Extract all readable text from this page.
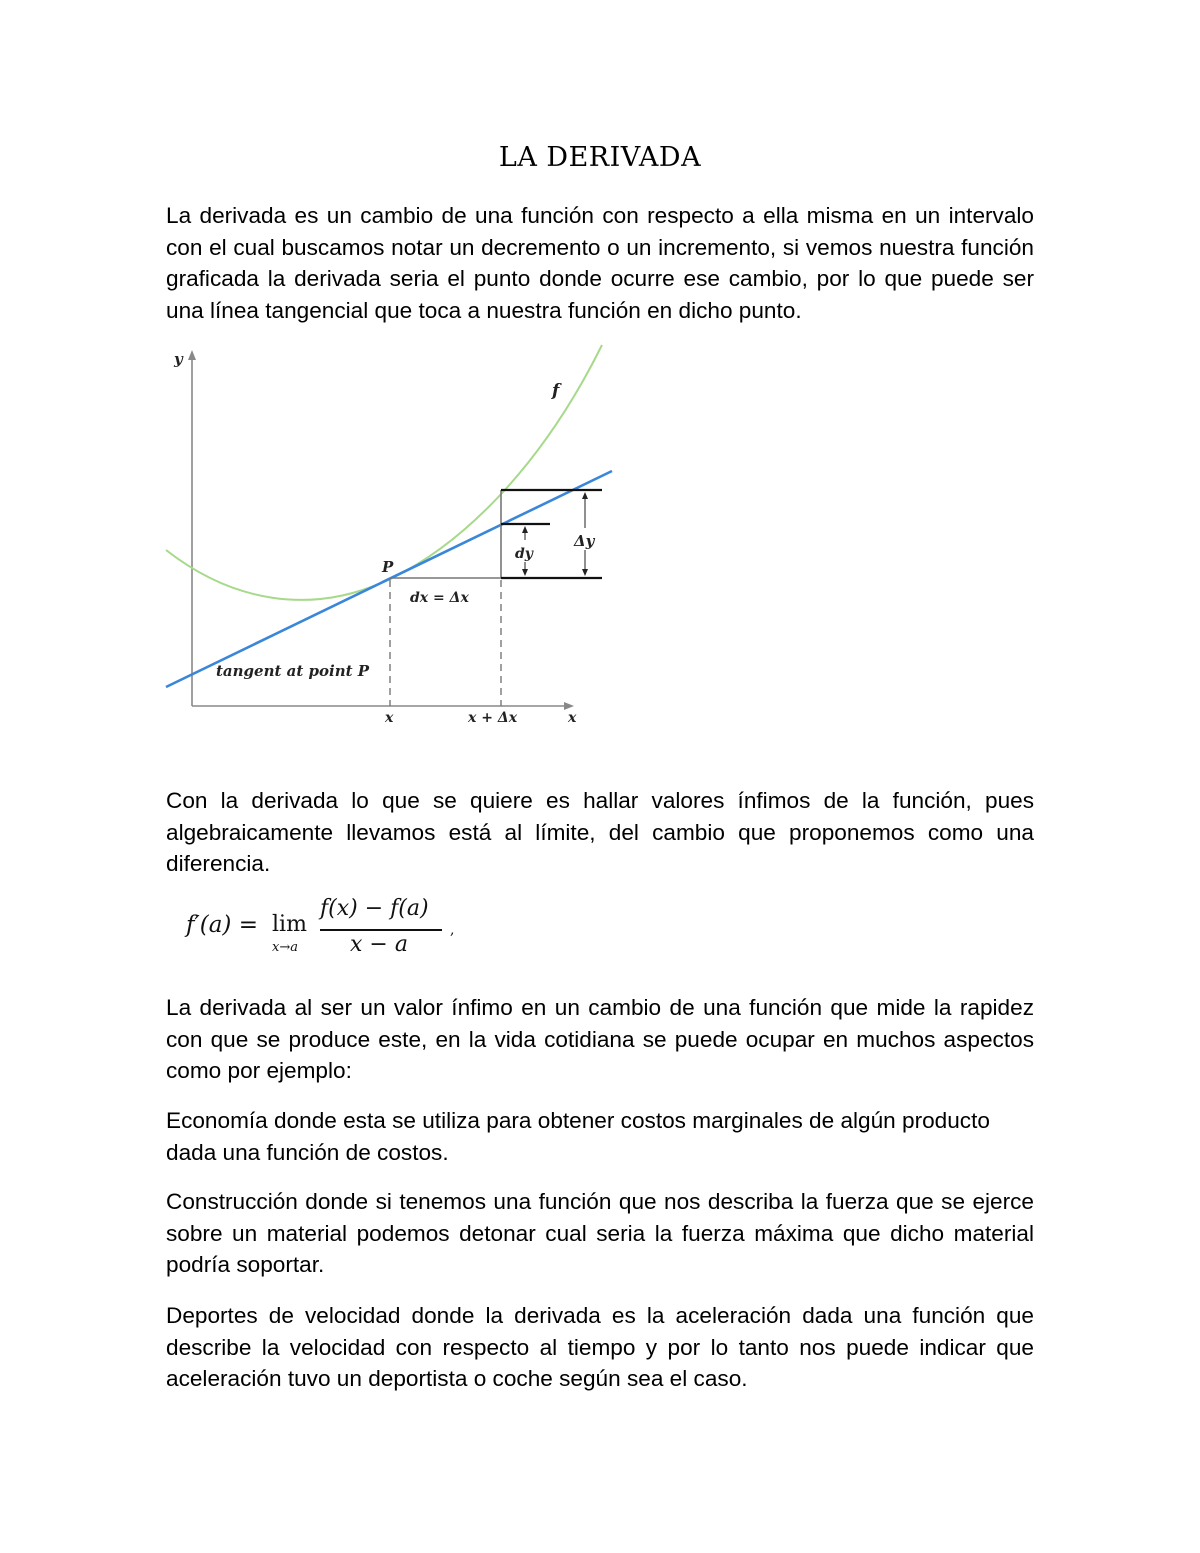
LA DERIVADA

La derivada es un cambio de una función con respecto a ella misma en un intervalo con el cual buscamos notar un decremento o un incremento, si vemos nuestra función graficada la derivada seria el punto donde ocurre ese cambio, por lo que puede ser una línea tangencial que toca a nuestra función en dicho punto.

y
f
P
dx = Δx
dy
Δy
tangent at point P
x	x + Δx	x

Con la derivada lo que se quiere es hallar valores ínfimos de la función, pues algebraicamente llevamos está al límite, del cambio que proponemos como una diferencia.

f′(a) = lim
x→a
f(x) − f(a)
x − a
,

La derivada al ser un valor ínfimo en un cambio de una función que mide la rapidez con que se produce este, en la vida cotidiana se puede ocupar en muchos aspectos como por ejemplo:

Economía donde esta se utiliza para obtener costos marginales de algún producto dada una función de costos.

Construcción donde si tenemos una función que nos describa la fuerza que se ejerce sobre un material podemos detonar cual seria la fuerza máxima que dicho material podría soportar.

Deportes de velocidad donde la derivada es la aceleración dada una función que describe la velocidad con respecto al tiempo y por lo tanto nos puede indicar que aceleración tuvo un deportista o coche según sea el caso.
